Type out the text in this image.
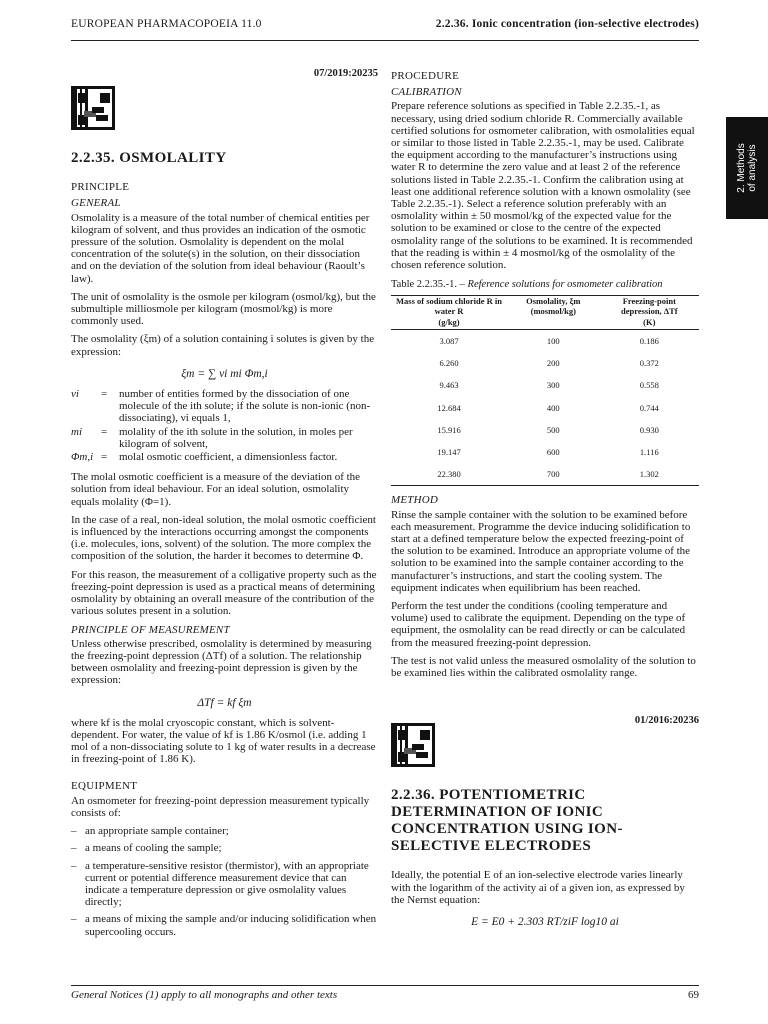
EUROPEAN PHARMACOPOEIA 11.0	2.2.36. Ionic concentration (ion-selective electrodes)
2. Methods of analysis
07/2019:20235
2.2.35. OSMOLALITY
PRINCIPLE
GENERAL

Osmolality is a measure of the total number of chemical entities per kilogram of solvent, and thus provides an indication of the osmotic pressure of the solution. Osmolality is dependent on the molal concentration of the solute(s) in the solution, on their dissociation and on the deviation of the solution from ideal behaviour (Raoult’s law).

The unit of osmolality is the osmole per kilogram (osmol/kg), but the submultiple milliosmole per kilogram (mosmol/kg) is more commonly used.

The osmolality (ξm) of a solution containing i solutes is given by the expression:

ξm = ∑ νi mi Φm,i
νi	=	number of entities formed by the dissociation of one molecule of the ith solute; if the solute is non-ionic (non-dissociating), νi equals 1,
mi	=	molality of the ith solute in the solution, in moles per kilogram of solvent,
Φm,i =	molal osmotic coefficient, a dimensionless factor.

The molal osmotic coefficient is a measure of the deviation of the solution from ideal behaviour. For an ideal solution, osmolality equals molality (Φ=1).

In the case of a real, non-ideal solution, the molal osmotic coefficient is influenced by the interactions occurring amongst the components (i.e. molecules, ions, solvent) of the solution. The more complex the composition of the solution, the harder it becomes to determine Φ.

For this reason, the measurement of a colligative property such as the freezing-point depression is used as a practical means of determining osmolality by obtaining an overall measure of the contribution of the various solutes present in a solution.

PRINCIPLE OF MEASUREMENT

Unless otherwise prescribed, osmolality is determined by measuring the freezing-point depression (ΔTf) of a solution. The relationship between osmolality and freezing-point depression is given by the expression:

ΔTf = kf ξm

where kf is the molal cryoscopic constant, which is solvent-dependent. For water, the value of kf is 1.86 K/osmol (i.e. adding 1 mol of a non-dissociating solute to 1 kg of water results in a decrease in freezing-point of 1.86 K).

EQUIPMENT

An osmometer for freezing-point depression measurement typically consists of:

– an appropriate sample container;
– a means of cooling the sample;
– a temperature-sensitive resistor (thermistor), with an appropriate current or potential difference measurement device that can indicate a temperature depression or give osmolality values directly;
– a means of mixing the sample and/or inducing solidification when supercooling occurs.
PROCEDURE
CALIBRATION

Prepare reference solutions as specified in Table 2.2.35.-1, as necessary, using dried sodium chloride R. Commercially available certified solutions for osmometer calibration, with osmolalities equal or similar to those listed in Table 2.2.35.-1, may be used. Calibrate the equipment according to the manufacturer’s instructions using water R to determine the zero value and at least 2 of the reference solutions listed in Table 2.2.35.-1. Confirm the calibration using at least one additional reference solution with a known osmolality (see Table 2.2.35.-1). Select a reference solution preferably with an osmolality within ± 50 mosmol/kg of the expected value for the solution to be examined or close to the centre of the expected osmolality range of the solutions to be examined. It is recommended that the reading is within ± 4 mosmol/kg of the osmolality of the chosen reference solution.

Table 2.2.35.-1. – Reference solutions for osmometer calibration
Mass of sodium chloride R in water R	Osmolality, ξm (mosmol/kg)	Freezing-point depression, ΔTf
(g/kg)		(K)
3.087	100	0.186
6.260	200	0.372
9.463	300	0.558
12.684	400	0.744
15.916	500	0.930
19.147	600	1.116
22.380	700	1.302
METHOD

Rinse the sample container with the solution to be examined before each measurement. Programme the device inducing solidification to start at a defined temperature below the expected freezing-point of the solution to be examined. Introduce an appropriate volume of the solution to be examined into the sample container according to the manufacturer’s instructions, and start the cooling system. The equipment indicates when equilibrium has been reached.

Perform the test under the conditions (cooling temperature and volume) used to calibrate the equipment. Depending on the type of equipment, the osmolality can be read directly or can be calculated from the measured freezing-point depression.

The test is not valid unless the measured osmolality of the solution to be examined lies within the calibrated osmolality range.

01/2016:20236
2.2.36. POTENTIOMETRIC DETERMINATION OF IONIC CONCENTRATION USING ION-SELECTIVE ELECTRODES

Ideally, the potential E of an ion-selective electrode varies linearly with the logarithm of the activity ai of a given ion, as expressed by the Nernst equation:

E = E0 + 2.303 RT/ziF log10 ai
General Notices (1) apply to all monographs and other texts	69
